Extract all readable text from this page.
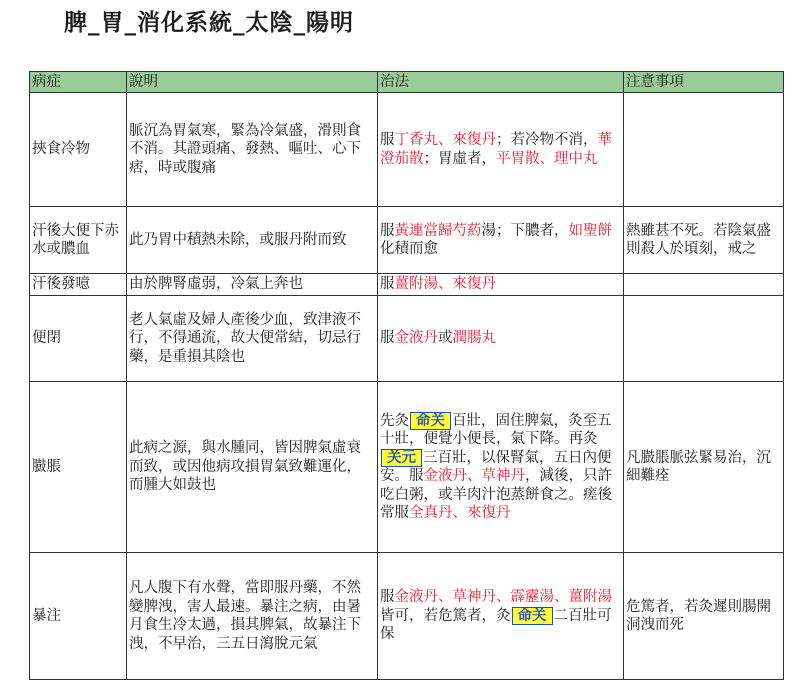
脾_胃_消化系統_太陰_陽明
病症	說明	治法	注意事項
挾食冷物	脈沉為胃氣寒，緊為冷氣盛，滑則食不消。其證頭痛、發熱、嘔吐、心下痞，時或腹痛	服丁香丸、來復丹；若冷物不消，華澄茄散；胃虛者，平胃散、理中丸	
汗後大便下赤水或膿血	此乃胃中積熱未除，或服丹附而致	服黃連當歸芍葯湯；下膿者，如聖餅化積而愈	熱雖甚不死。若陰氣盛則殺人於頃刻，戒之
汗後發噫	由於脾腎虛弱，冷氣上奔也	服薑附湯、來復丹	
便閉	老人氣虛及婦人產後少血，致津液不行，不得通流，故大便常結，切忌行藥，是重損其陰也	服金液丹或潤腸丸	
臌脹	此病之源，與水腫同，皆因脾氣虛衰而致，或因他病攻損胃氣致難運化，而腫大如鼓也	先灸 命关 百壯，固住脾氣，灸至五十壯，便覺小便長，氣下降。再灸关元 三百壯，以保腎氣，五日內便安。服金液丹、草神丹，減後，只許吃白粥，或羊肉汁泡蒸餅食之。瘥後常服全真丹、來復丹	凡臌脹脈弦緊易治，沉細難痊
暴注	凡人腹下有水聲，當即服丹藥，不然變脾洩，害人最速。暴注之病，由暑月食生冷太過，損其脾氣，故暴注下洩，不早治，三五日瀉脫元氣	服金液丹、草神丹、霹靂湯、薑附湯皆可，若危篤者，灸 命关 二百壯可保	危篤者，若灸遲則腸開洞洩而死
